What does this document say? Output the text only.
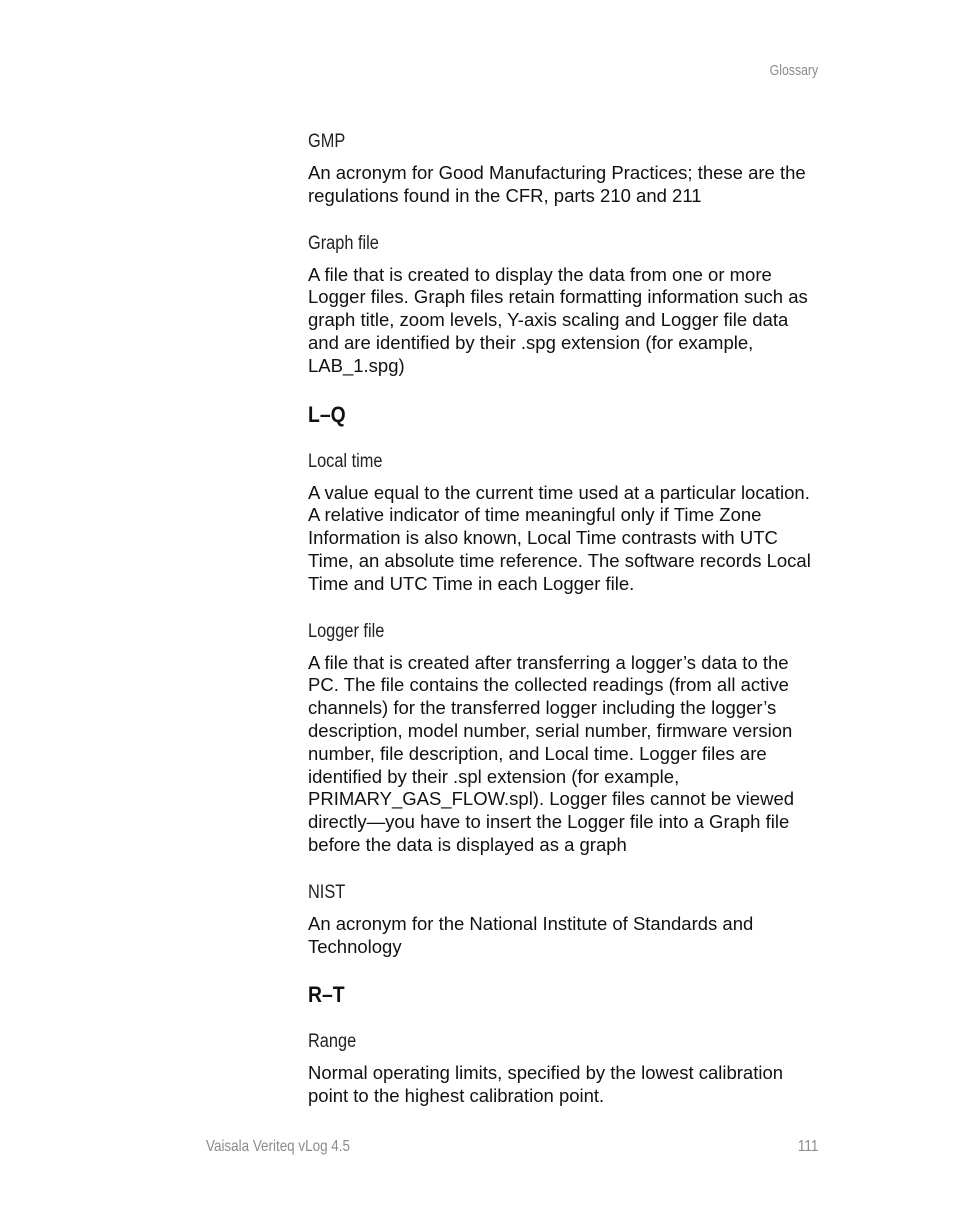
Glossary
GMP

An acronym for Good Manufacturing Practices; these are the regulations found in the CFR, parts 210 and 211

Graph file

A file that is created to display the data from one or more Logger files. Graph files retain formatting information such as graph title, zoom levels, Y-axis scaling and Logger file data and are identified by their .spg extension (for example, LAB_1.spg)

L–Q
Local time

A value equal to the current time used at a particular location. A relative indicator of time meaningful only if Time Zone Information is also known, Local Time contrasts with UTC Time, an absolute time reference. The software records Local Time and UTC Time in each Logger file.

Logger file

A file that is created after transferring a logger’s data to the PC. The file contains the collected readings (from all active channels) for the transferred logger including the logger’s description, model number, serial number, firmware version number, file description, and Local time. Logger files are identified by their .spl extension (for example, PRIMARY_GAS_FLOW.spl). Logger files cannot be viewed directly—you have to insert the Logger file into a Graph file before the data is displayed as a graph

NIST

An acronym for the National Institute of Standards and Technology

R–T
Range

Normal operating limits, specified by the lowest calibration point to the highest calibration point.

Vaisala Veriteq vLog 4.5	111
